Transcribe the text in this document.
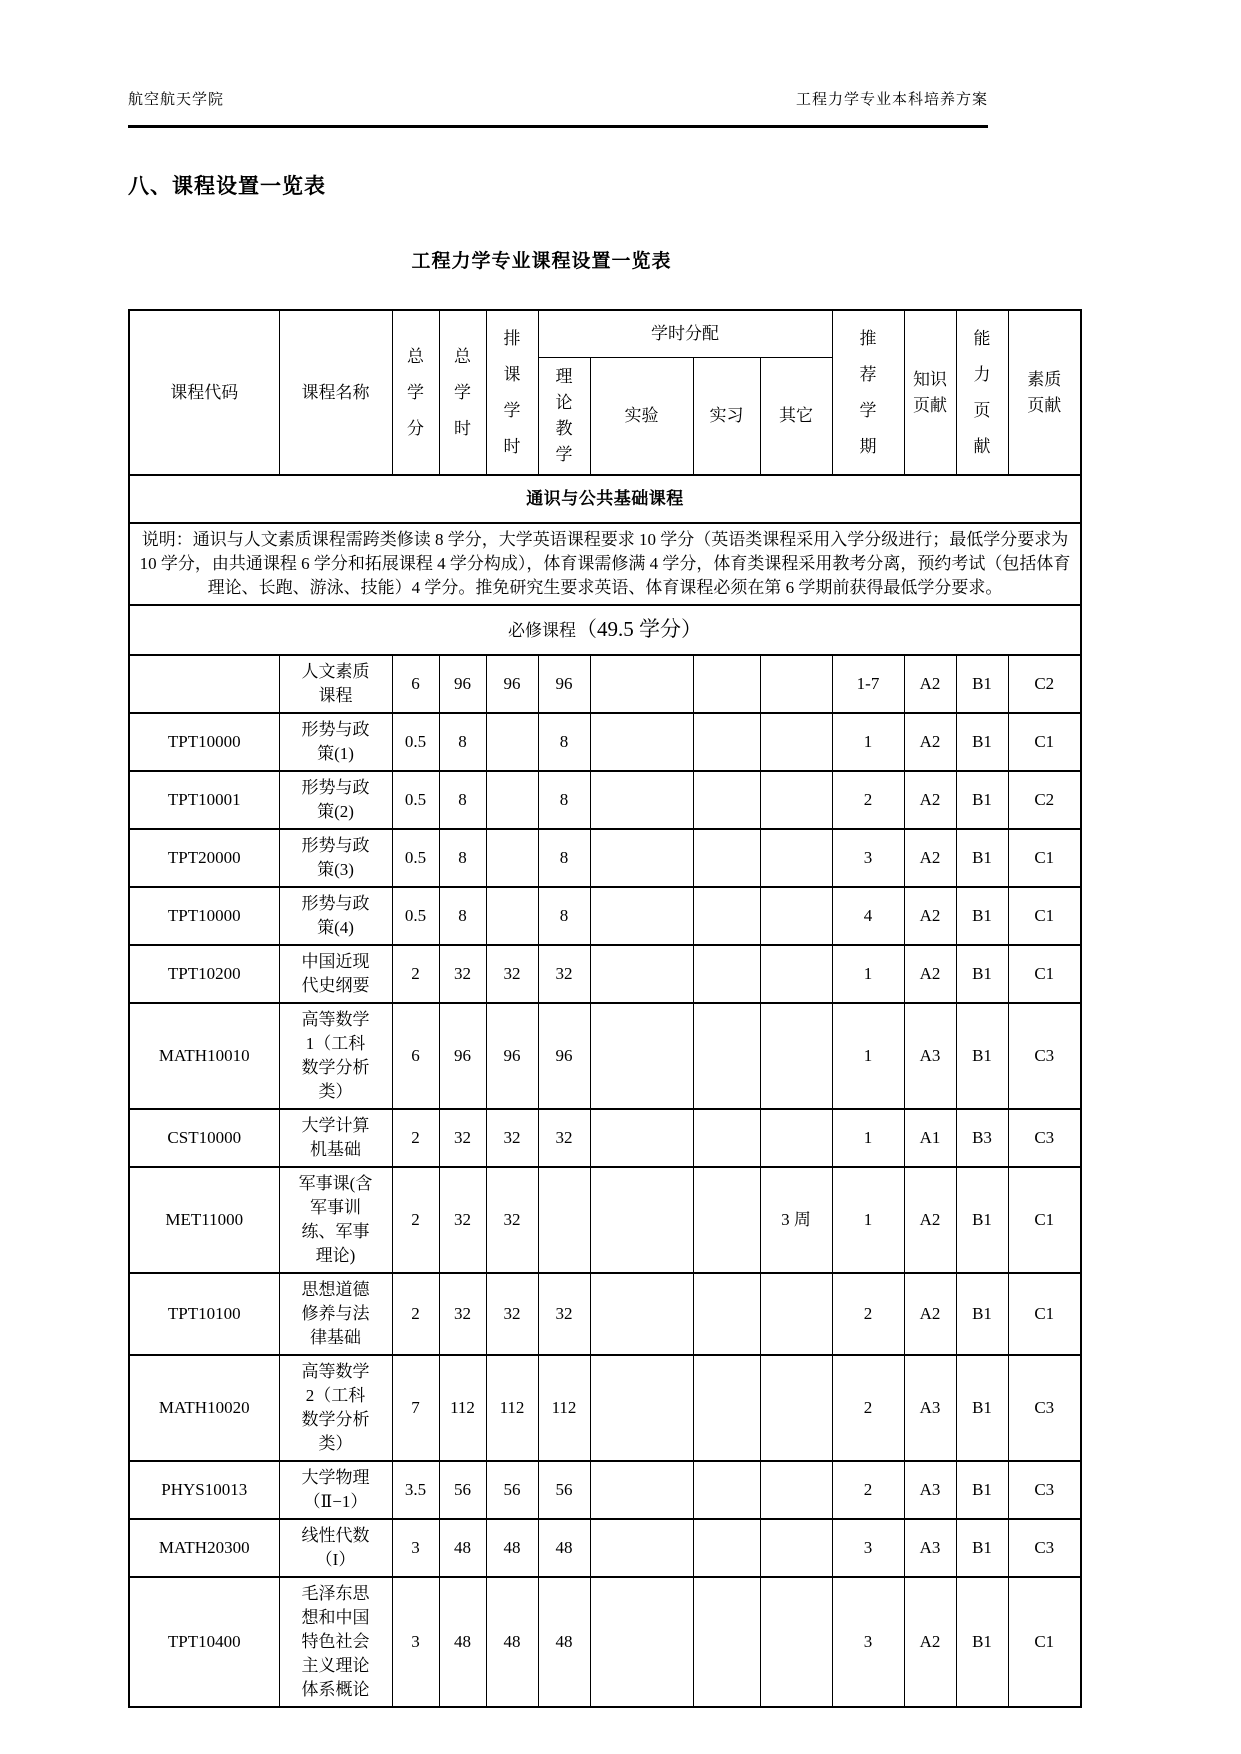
航空航天学院	工程力学专业本科培养方案
八、课程设置一览表
工程力学专业课程设置一览表
课程代码	课程名称	总学分	总学时	排课学时	学时分配				推荐学期	知识页献	能力页献	素质页献
					理论教学	实验	实习	其它				
通识与公共基础课程												
说明：通识与人文素质课程需跨类修读 8 学分，大学英语课程要求 10 学分（英语类课程采用入学分级进行；最低学分要求为 10 学分，由共通课程 6 学分和拓展课程 4 学分构成），体育课需修满 4 学分，体育类课程采用教考分离，预约考试（包括体育理论、长跑、游泳、技能）4 学分。推免研究生要求英语、体育课程必须在第 6 学期前获得最低学分要求。												
必修课程（49.5 学分）												
	人文素质课程	6	96	96	96				1-7	A2	B1	C2
TPT10000	形势与政策(1)	0.5	8		8				1	A2	B1	C1
TPT10001	形势与政策(2)	0.5	8		8				2	A2	B1	C2
TPT20000	形势与政策(3)	0.5	8		8				3	A2	B1	C1
TPT10000	形势与政策(4)	0.5	8		8				4	A2	B1	C1
TPT10200	中国近现代史纲要	2	32	32	32				1	A2	B1	C1
MATH10010	高等数学1（工科数学分析类）	6	96	96	96				1	A3	B1	C3
CST10000	大学计算机基础	2	32	32	32				1	A1	B3	C3
MET11000	军事课(含军事训练、军事理论)	2	32	32				3 周	1	A2	B1	C1
TPT10100	思想道德修养与法律基础	2	32	32	32				2	A2	B1	C1
MATH10020	高等数学2（工科数学分析类）	7	112	112	112				2	A3	B1	C3
PHYS10013	大学物理（Ⅱ−1）	3.5	56	56	56				2	A3	B1	C3
MATH20300	线性代数（I）	3	48	48	48				3	A3	B1	C3
TPT10400	毛泽东思想和中国特色社会主义理论体系概论	3	48	48	48				3	A2	B1	C1
